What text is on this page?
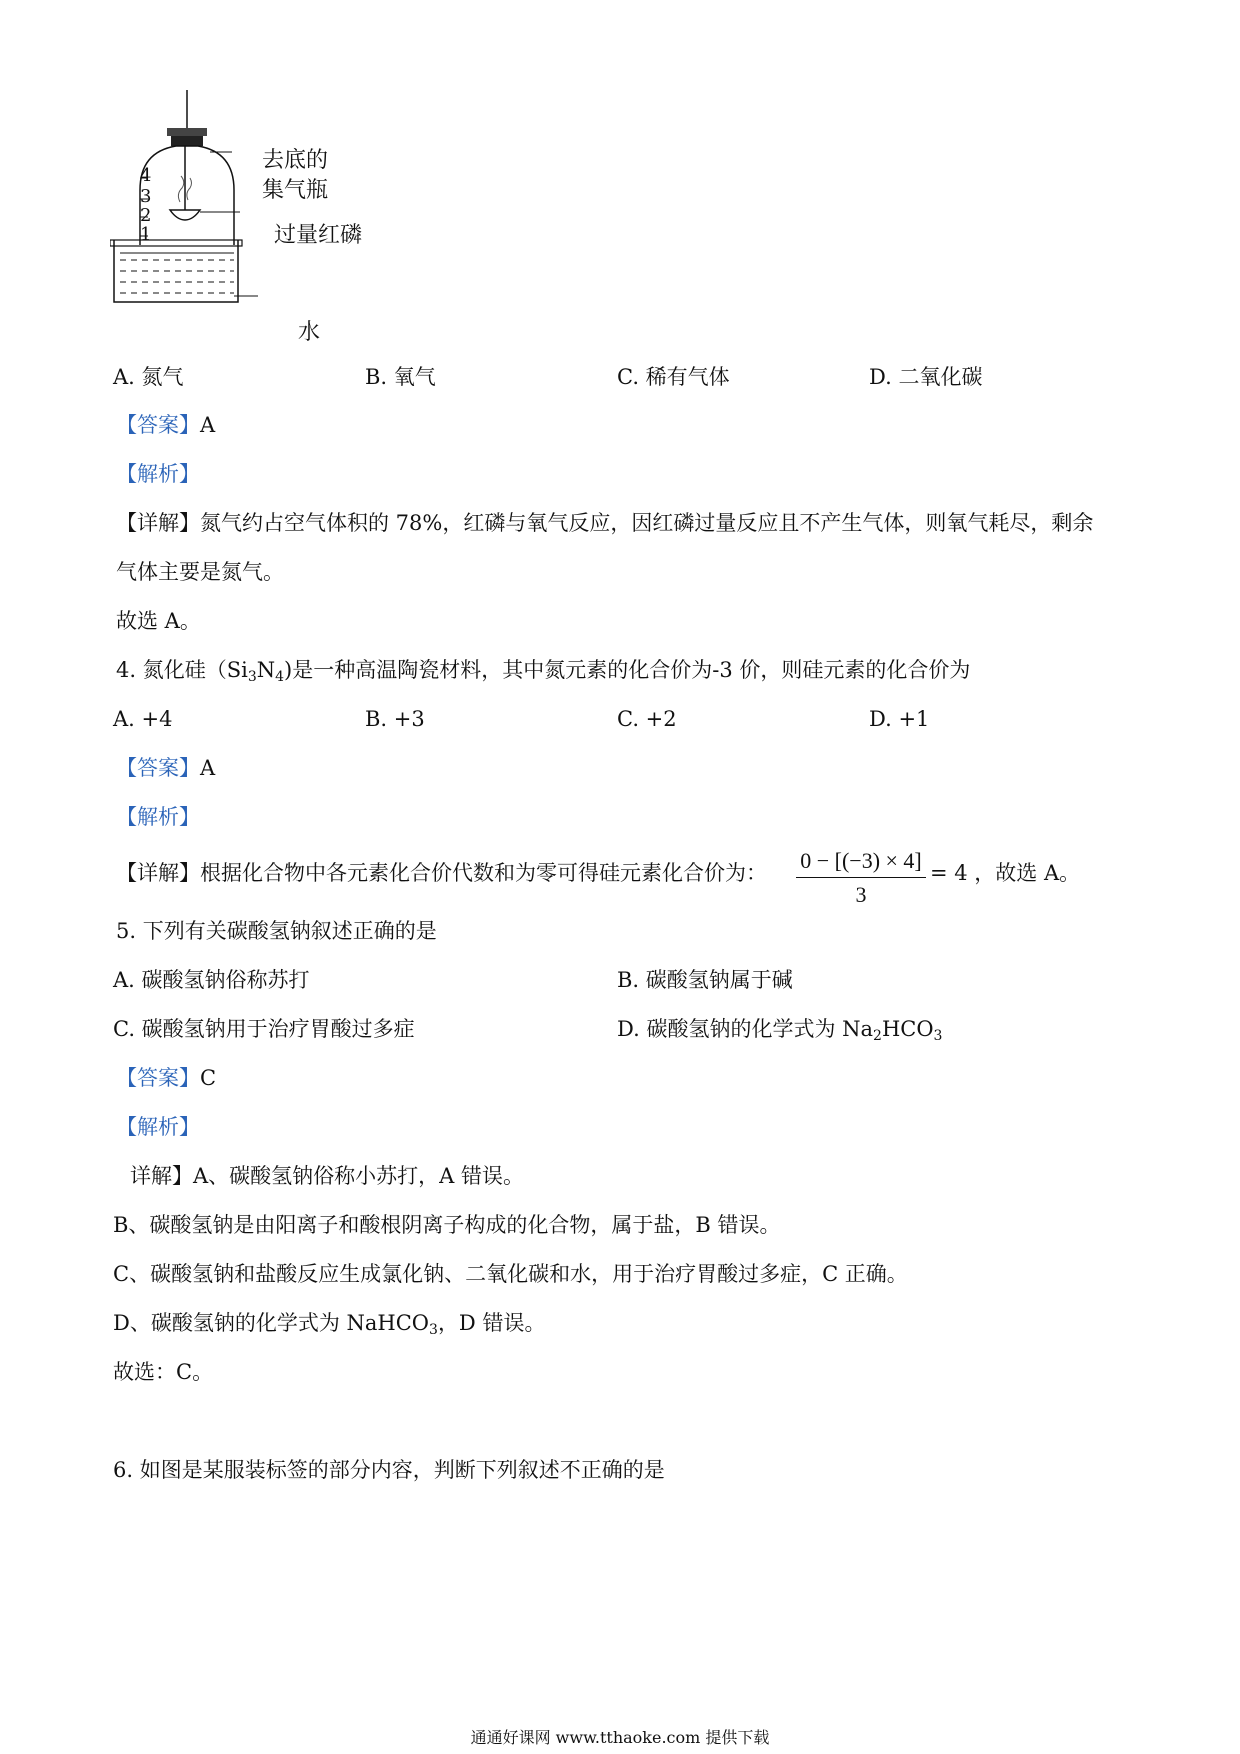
4
3
2
1
去底的
集气瓶
过量红磷
水
A. 氮气	B. 氧气	C. 稀有气体	D. 二氧化碳
【答案】A
【解析】
【详解】氮气约占空气体积的 78%，红磷与氧气反应，因红磷过量反应且不产生气体，则氧气耗尽，剩余
气体主要是氮气。
故选 A。
4. 氮化硅$(Si_3N_4)$是一种高温陶瓷材料，其中氮元素的化合价为-3 价，则硅元素的化合价为
A. +4	B. +3	C. +2	D. +1
【答案】A
【解析】
【详解】根据化合物中各元素化合价代数和为零可得硅元素化合价为： 0 − [(−3) × 4]
3
= 4 ，故选 A。
5. 下列有关碳酸氢钠叙述正确的是
A. 碳酸氢钠俗称苏打	B. 碳酸氢钠属于碱
C. 碳酸氢钠用于治疗胃酸过多症	D. 碳酸氢钠的化学式为 $Na_2HCO_3$
【答案】C
【解析】
详解】A、碳酸氢钠俗称小苏打，A 错误。
B、碳酸氢钠是由阳离子和酸根阴离子构成的化合物，属于盐，B 错误。
C、碳酸氢钠和盐酸反应生成氯化钠、二氧化碳和水，用于治疗胃酸过多症，C 正确。
D、碳酸氢钠的化学式为 NaHCO$_3$，D 错误。
故选：C。
6. 如图是某服装标签的部分内容，判断下列叙述不正确的是
通通好课网 www.tthaoke.com 提供下载
